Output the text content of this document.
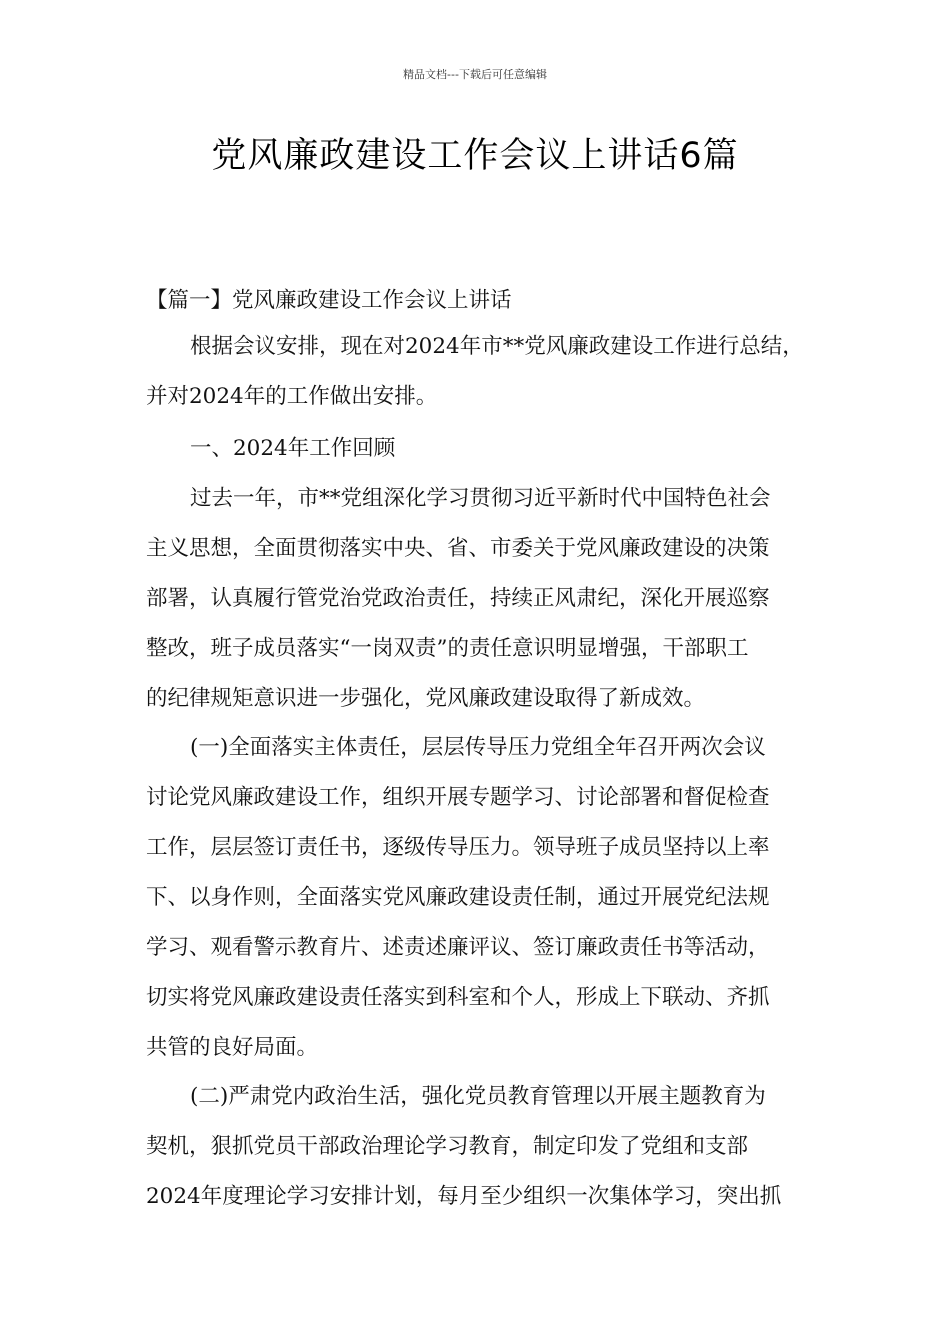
精品文档---下载后可任意编辑
党风廉政建设工作会议上讲话6篇
【篇一】党风廉政建设工作会议上讲话
根据会议安排，现在对2024年市**党风廉政建设工作进行总结，
并对2024年的工作做出安排。
一、2024年工作回顾
过去一年，市**党组深化学习贯彻习近平新时代中国特色社会
主义思想，全面贯彻落实中央、省、市委关于党风廉政建设的决策
部署，认真履行管党治党政治责任，持续正风肃纪，深化开展巡察
整改，班子成员落实“一岗双责”的责任意识明显增强，干部职工
的纪律规矩意识进一步强化，党风廉政建设取得了新成效。
(一)全面落实主体责任，层层传导压力党组全年召开两次会议
讨论党风廉政建设工作，组织开展专题学习、讨论部署和督促检查
工作，层层签订责任书，逐级传导压力。领导班子成员坚持以上率
下、以身作则，全面落实党风廉政建设责任制，通过开展党纪法规
学习、观看警示教育片、述责述廉评议、签订廉政责任书等活动，
切实将党风廉政建设责任落实到科室和个人，形成上下联动、齐抓
共管的良好局面。
(二)严肃党内政治生活，强化党员教育管理以开展主题教育为
契机，狠抓党员干部政治理论学习教育，制定印发了党组和支部
2024年度理论学习安排计划，每月至少组织一次集体学习，突出抓
